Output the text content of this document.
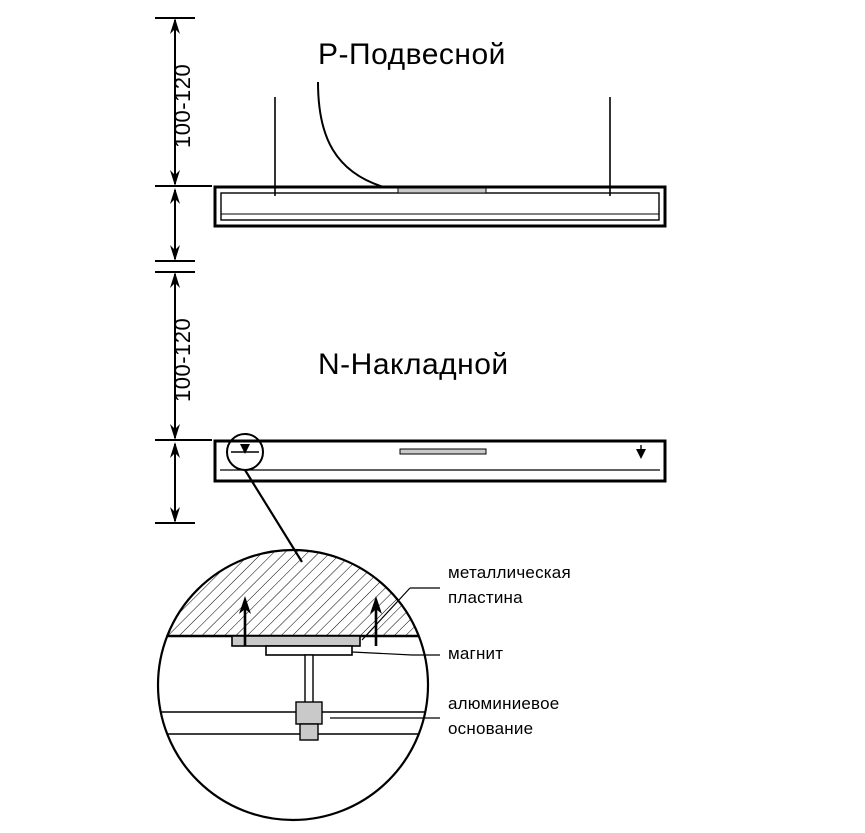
P-Подвесной
100-120
N-Накладной
100-120
металлическая
пластина
магнит
алюминиевое
основание
